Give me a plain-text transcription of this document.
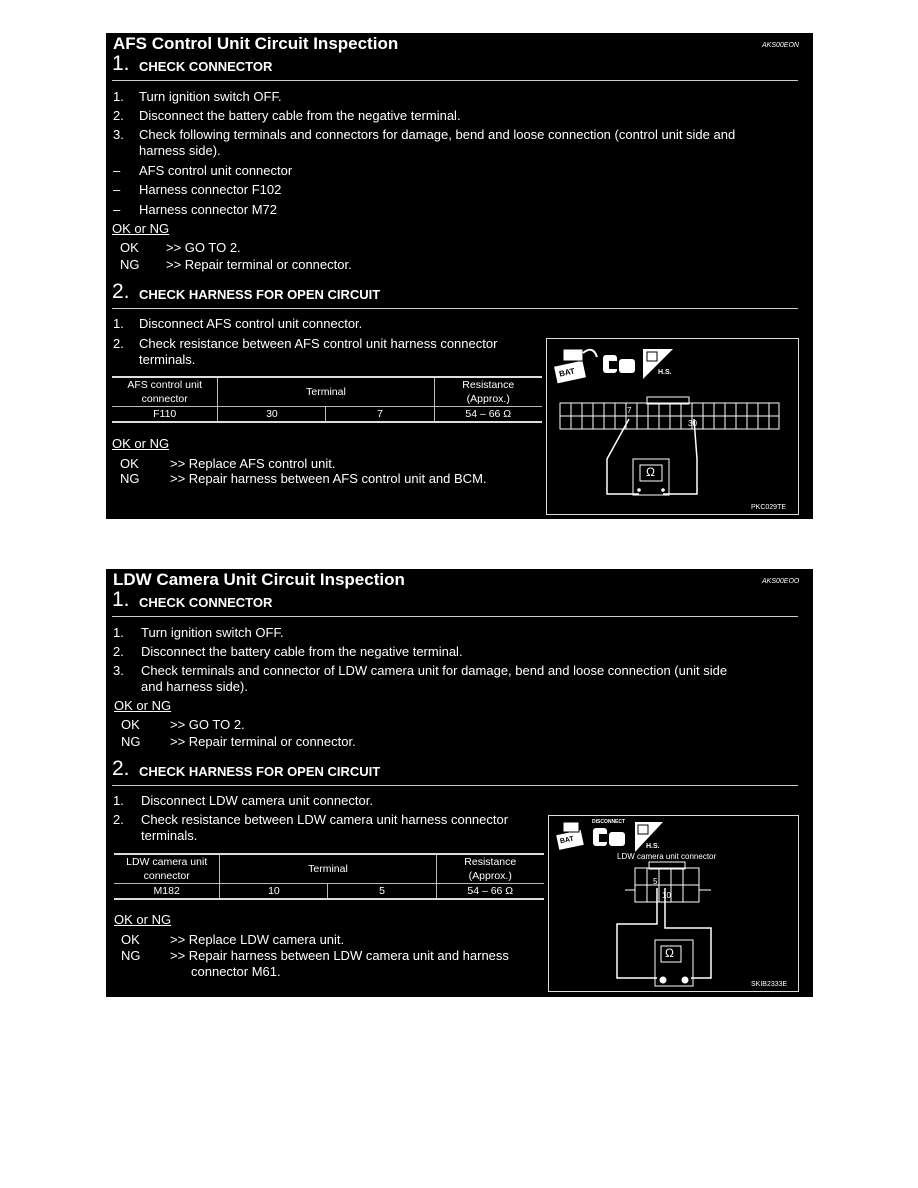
AFS Control Unit Circuit Inspection	AKS00EON
1. CHECK CONNECTOR
1. Turn ignition switch OFF.
2. Disconnect the battery cable from the negative terminal.
3. Check following terminals and connectors for damage, bend and loose connection (control unit side and
harness side).
– AFS control unit connector
– Harness connector F102
– Harness connector M72
OK or NG
OK >> GO TO 2.
NG >> Repair terminal or connector.
2. CHECK HARNESS FOR OPEN CIRCUIT
1. Disconnect AFS control unit connector.
2. Check resistance between AFS control unit harness connector
terminals.
AFS control unit
connector	Terminal		Resistance
(Approx.)
F110	30	7	54 – 66 Ω
OK or NG
OK >> Replace AFS control unit.
NG >> Repair harness between AFS control unit and BCM.
BAT	H.S.
7
30
Ω
PKC029TE
LDW Camera Unit Circuit Inspection	AKS00EOO
1. CHECK CONNECTOR
1. Turn ignition switch OFF.
2. Disconnect the battery cable from the negative terminal.
3. Check terminals and connector of LDW camera unit for damage, bend and loose connection (unit side
and harness side).
OK or NG
OK >> GO TO 2.
NG >> Repair terminal or connector.
2. CHECK HARNESS FOR OPEN CIRCUIT
1. Disconnect LDW camera unit connector.
2. Check resistance between LDW camera unit harness connector
terminals.
LDW camera unit
connector	Terminal		Resistance
(Approx.)
M182	10	5	54 – 66 Ω
OK or NG
OK >> Replace LDW camera unit.
NG >> Repair harness between LDW camera unit and harness
connector M61.
DISCONNECT
BAT
H.S.
LDW camera unit connector
5
10
Ω
SKIB2333E
